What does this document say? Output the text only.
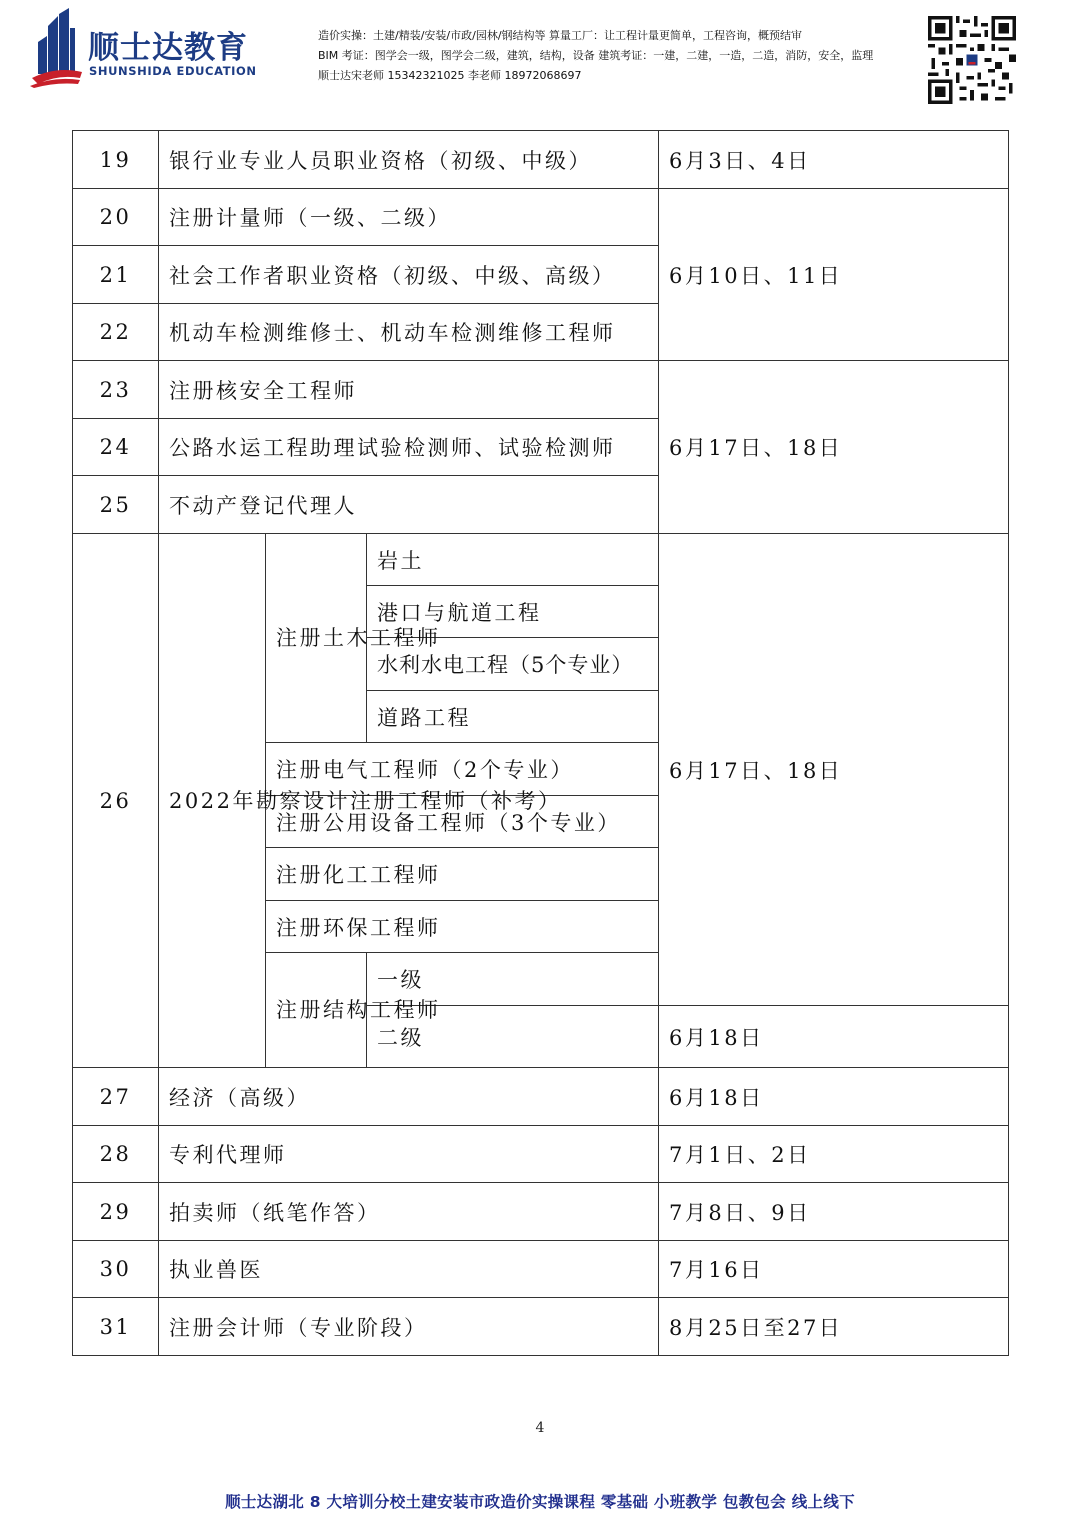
顺士达教育
SHUNSHIDA EDUCATION
造价实操：土建/精装/安装/市政/园林/钢结构等 算量工厂：让工程计量更简单，工程咨询，概预结审
BIM 考证：图学会一级，图学会二级，建筑，结构，设备 建筑考证：一建，二建，一造，二造，消防，安全，监理
顺士达宋老师 15342321025 李老师 18972068697
19	银行业专业人员职业资格（初级、中级）			6月3日、4日
20	注册计量师（一级、二级）			6月10日、11日
21	社会工作者职业资格（初级、中级、高级）			
22	机动车检测维修士、机动车检测维修工程师			
23	注册核安全工程师			6月17日、18日
24	公路水运工程助理试验检测师、试验检测师			
25	不动产登记代理人			
26	2022年勘察设计注册工程师（补考）	注册土木工程师	岩土	6月17日、18日
			港口与航道工程	
			水利水电工程（5个专业）	
			道路工程	
		注册电气工程师（2个专业）		
		注册公用设备工程师（3个专业）		
		注册化工工程师		
		注册环保工程师		
		注册结构工程师	一级	
			二级	6月18日
27	经济（高级）			6月18日
28	专利代理师			7月1日、2日
29	拍卖师（纸笔作答）			7月8日、9日
30	执业兽医			7月16日
31	注册会计师（专业阶段）			8月25日至27日
4
顺士达湖北 8 大培训分校土建安装市政造价实操课程 零基础 小班教学 包教包会 线上线下
